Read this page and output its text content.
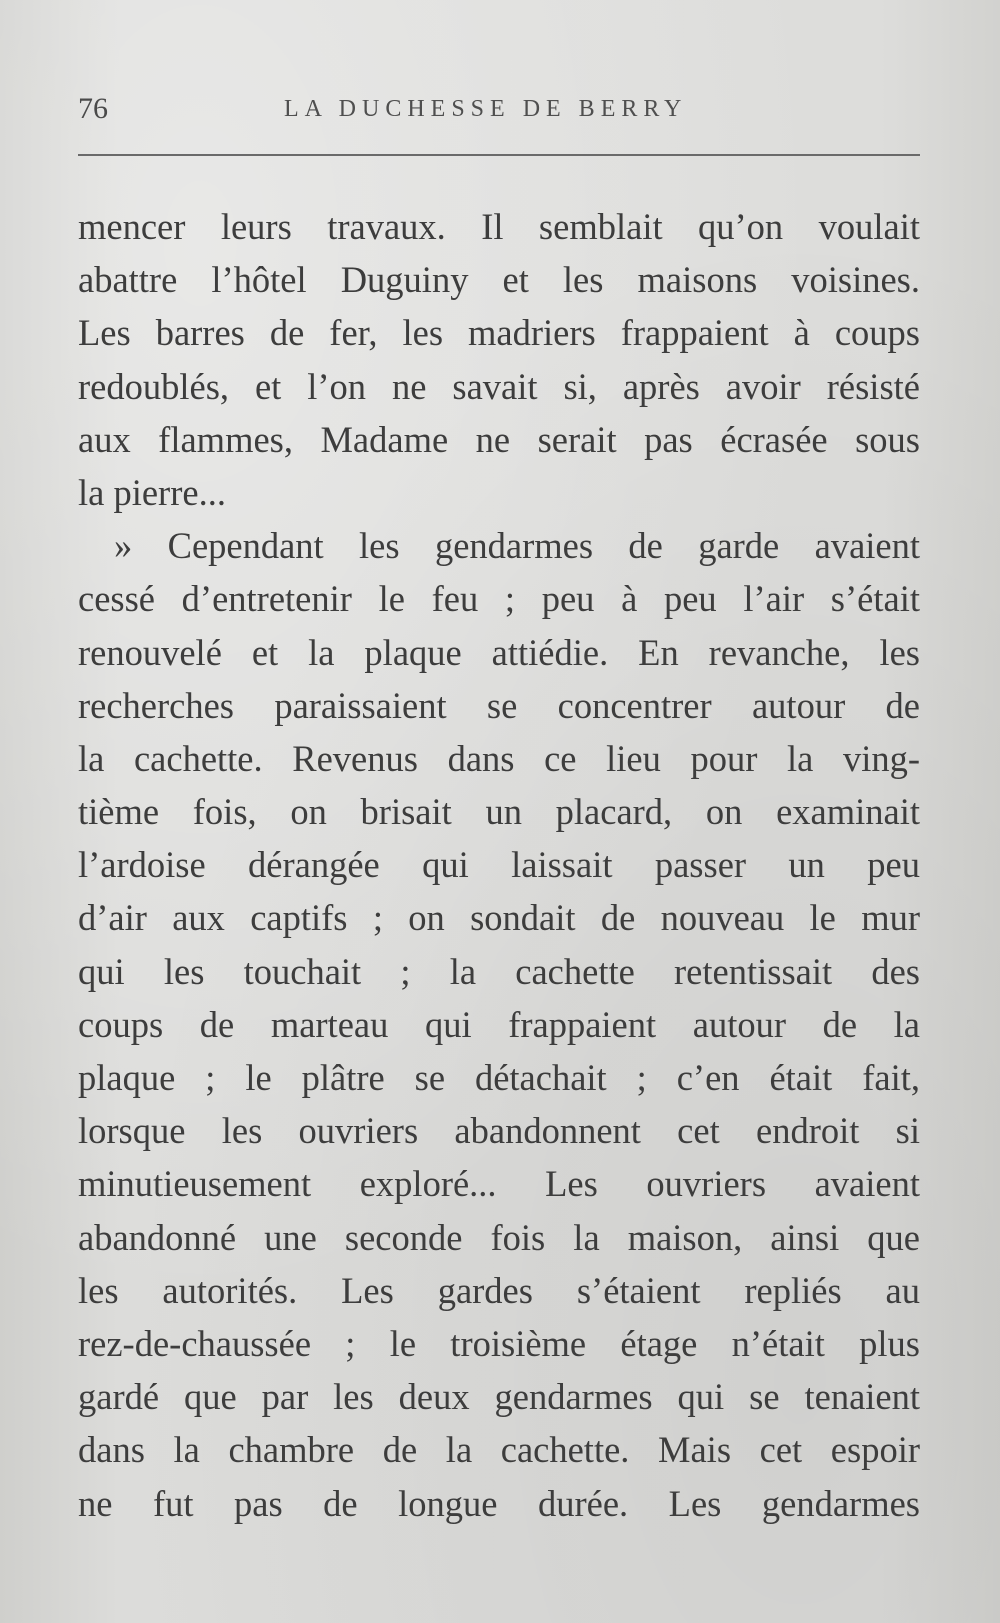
76	LA DUCHESSE DE BERRY
mencer leurs travaux. Il semblait qu’on voulait
abattre l’hôtel Duguiny et les maisons voisines.
Les barres de fer, les madriers frappaient à coups
redoublés, et l’on ne savait si, après avoir résisté
aux flammes, Madame ne serait pas écrasée sous
la pierre...
» Cependant les gendarmes de garde avaient
cessé d’entretenir le feu ; peu à peu l’air s’était
renouvelé et la plaque attiédie. En revanche, les
recherches paraissaient se concentrer autour de
la cachette. Revenus dans ce lieu pour la ving-
tième fois, on brisait un placard, on examinait
l’ardoise dérangée qui laissait passer un peu
d’air aux captifs ; on sondait de nouveau le mur
qui les touchait ; la cachette retentissait des
coups de marteau qui frappaient autour de la
plaque ; le plâtre se détachait ; c’en était fait,
lorsque les ouvriers abandonnent cet endroit si
minutieusement exploré... Les ouvriers avaient
abandonné une seconde fois la maison, ainsi que
les autorités. Les gardes s’étaient repliés au
rez-de-chaussée ; le troisième étage n’était plus
gardé que par les deux gendarmes qui se tenaient
dans la chambre de la cachette. Mais cet espoir
ne fut pas de longue durée. Les gendarmes
